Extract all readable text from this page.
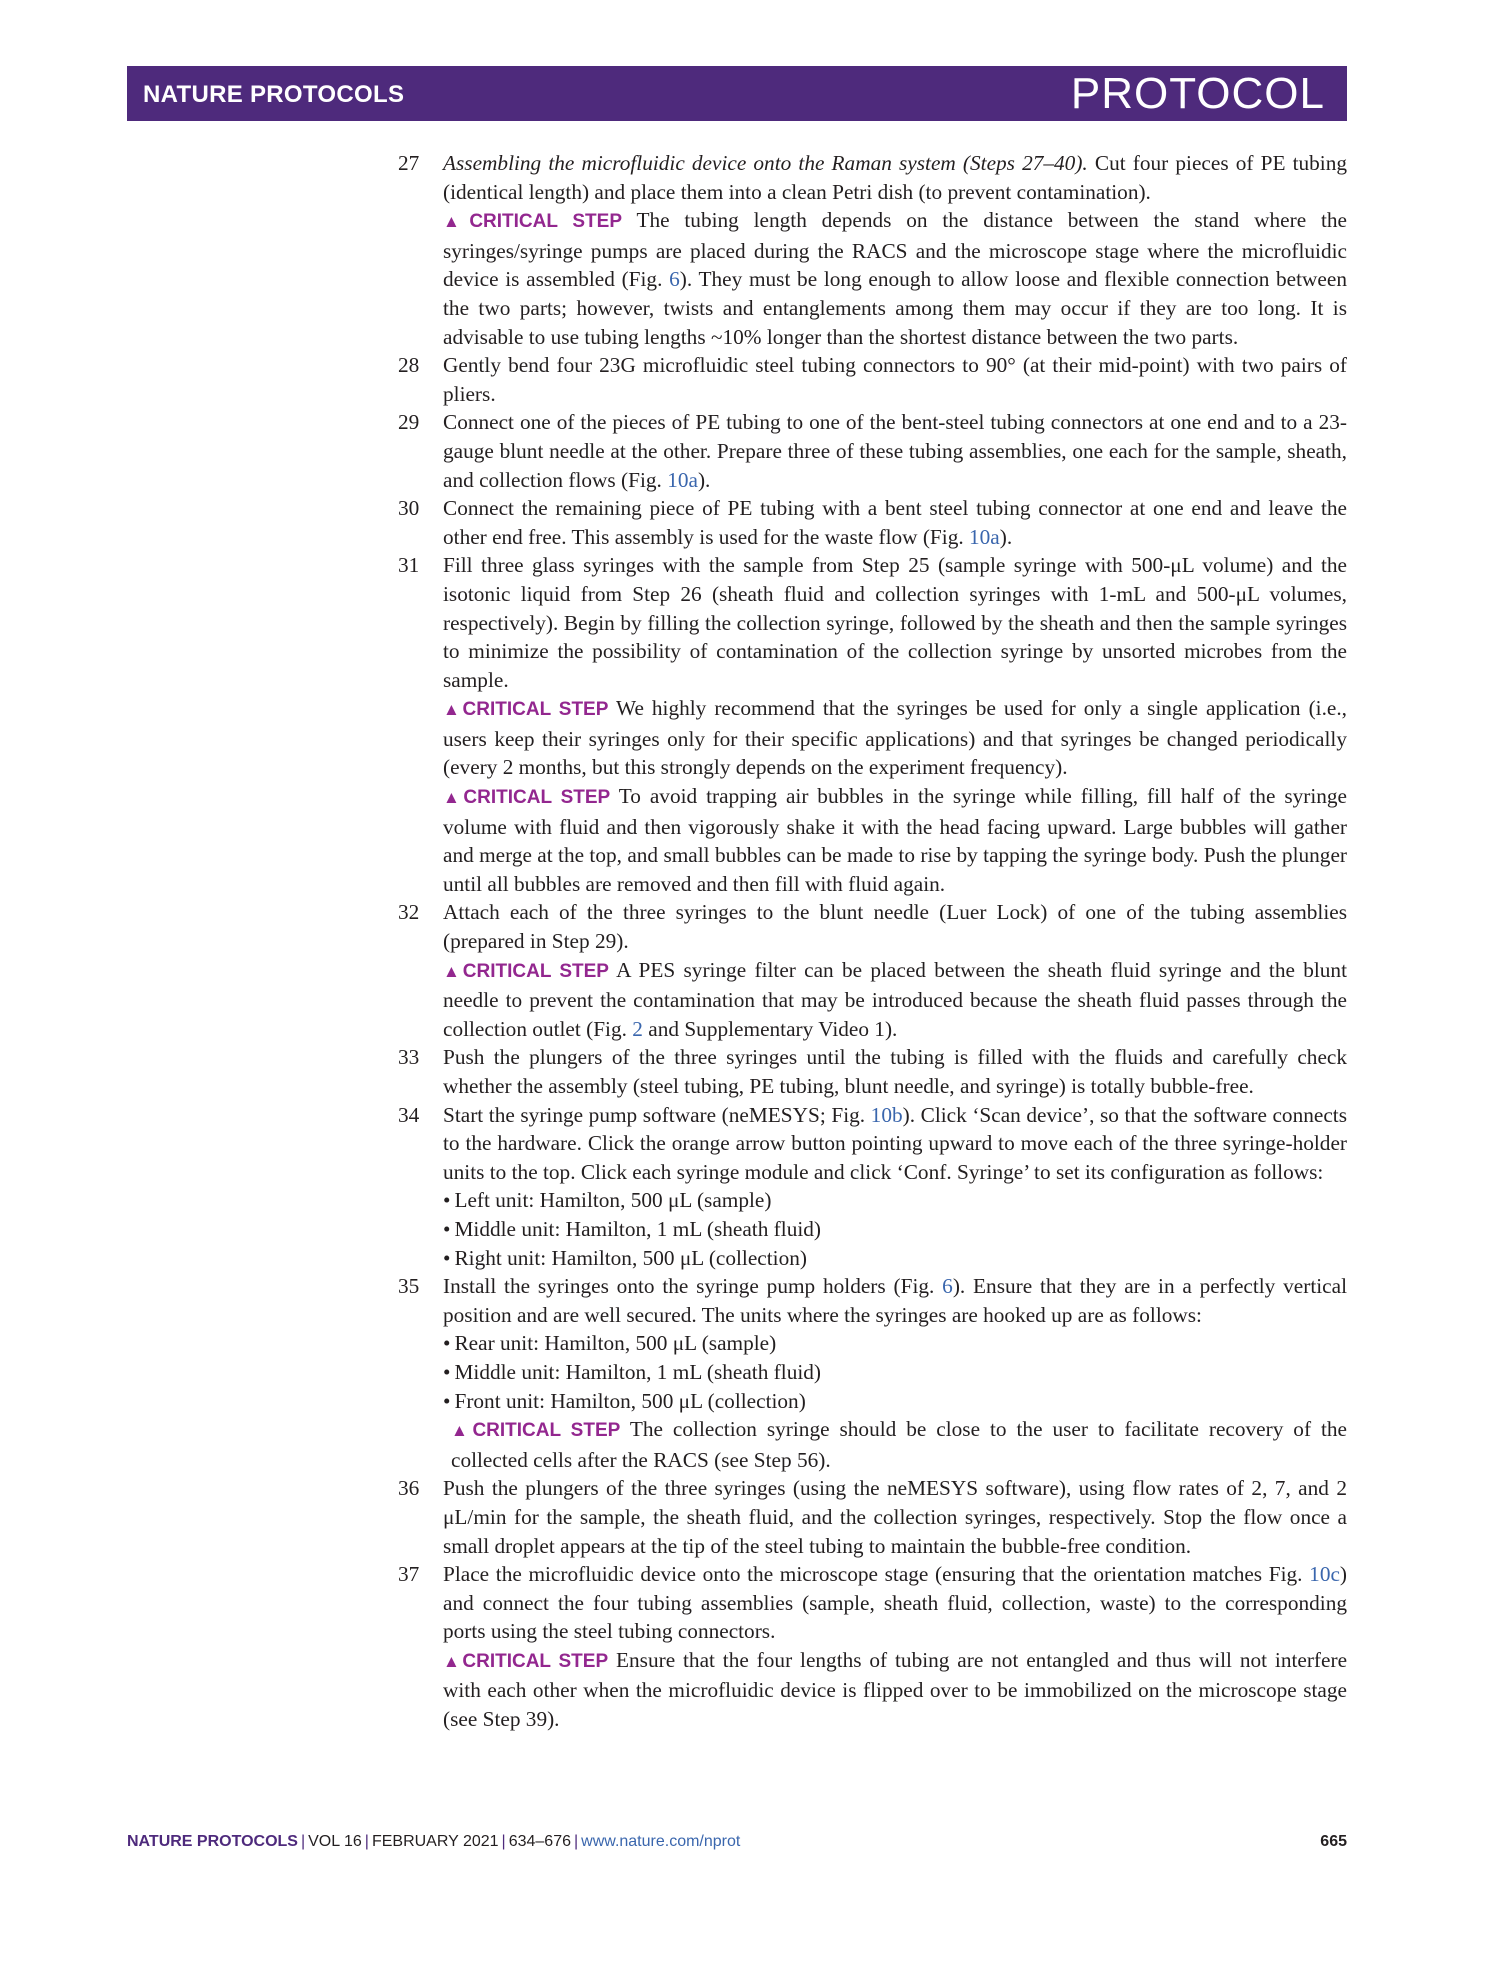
NATURE PROTOCOLS	PROTOCOL
27 Assembling the microfluidic device onto the Raman system (Steps 27–40). Cut four pieces of PE tubing (identical length) and place them into a clean Petri dish (to prevent contamination).
▲CRITICAL STEP The tubing length depends on the distance between the stand where the syringes/syringe pumps are placed during the RACS and the microscope stage where the microfluidic device is assembled (Fig. 6). They must be long enough to allow loose and flexible connection between the two parts; however, twists and entanglements among them may occur if they are too long. It is advisable to use tubing lengths ~10% longer than the shortest distance between the two parts.
28 Gently bend four 23G microfluidic steel tubing connectors to 90° (at their mid-point) with two pairs of pliers.
29 Connect one of the pieces of PE tubing to one of the bent-steel tubing connectors at one end and to a 23-gauge blunt needle at the other. Prepare three of these tubing assemblies, one each for the sample, sheath, and collection flows (Fig. 10a).
30 Connect the remaining piece of PE tubing with a bent steel tubing connector at one end and leave the other end free. This assembly is used for the waste flow (Fig. 10a).
31 Fill three glass syringes with the sample from Step 25 (sample syringe with 500-μL volume) and the isotonic liquid from Step 26 (sheath fluid and collection syringes with 1-mL and 500-μL volumes, respectively). Begin by filling the collection syringe, followed by the sheath and then the sample syringes to minimize the possibility of contamination of the collection syringe by unsorted microbes from the sample.
▲CRITICAL STEP We highly recommend that the syringes be used for only a single application (i.e., users keep their syringes only for their specific applications) and that syringes be changed periodically (every 2 months, but this strongly depends on the experiment frequency).
▲CRITICAL STEP To avoid trapping air bubbles in the syringe while filling, fill half of the syringe volume with fluid and then vigorously shake it with the head facing upward. Large bubbles will gather and merge at the top, and small bubbles can be made to rise by tapping the syringe body. Push the plunger until all bubbles are removed and then fill with fluid again.
32 Attach each of the three syringes to the blunt needle (Luer Lock) of one of the tubing assemblies (prepared in Step 29).
▲CRITICAL STEP A PES syringe filter can be placed between the sheath fluid syringe and the blunt needle to prevent the contamination that may be introduced because the sheath fluid passes through the collection outlet (Fig. 2 and Supplementary Video 1).
33 Push the plungers of the three syringes until the tubing is filled with the fluids and carefully check whether the assembly (steel tubing, PE tubing, blunt needle, and syringe) is totally bubble-free.
34 Start the syringe pump software (neMESYS; Fig. 10b). Click ‘Scan device’, so that the software connects to the hardware. Click the orange arrow button pointing upward to move each of the three syringe-holder units to the top. Click each syringe module and click ‘Conf. Syringe’ to set its configuration as follows:
• Left unit: Hamilton, 500 μL (sample)
• Middle unit: Hamilton, 1 mL (sheath fluid)
• Right unit: Hamilton, 500 μL (collection)
35 Install the syringes onto the syringe pump holders (Fig. 6). Ensure that they are in a perfectly vertical position and are well secured. The units where the syringes are hooked up are as follows:
• Rear unit: Hamilton, 500 μL (sample)
• Middle unit: Hamilton, 1 mL (sheath fluid)
• Front unit: Hamilton, 500 μL (collection)
▲CRITICAL STEP The collection syringe should be close to the user to facilitate recovery of the collected cells after the RACS (see Step 56).
36 Push the plungers of the three syringes (using the neMESYS software), using flow rates of 2, 7, and 2 μL/min for the sample, the sheath fluid, and the collection syringes, respectively. Stop the flow once a small droplet appears at the tip of the steel tubing to maintain the bubble-free condition.
37 Place the microfluidic device onto the microscope stage (ensuring that the orientation matches Fig. 10c) and connect the four tubing assemblies (sample, sheath fluid, collection, waste) to the corresponding ports using the steel tubing connectors.
▲CRITICAL STEP Ensure that the four lengths of tubing are not entangled and thus will not interfere with each other when the microfluidic device is flipped over to be immobilized on the microscope stage (see Step 39).
NATURE PROTOCOLS | VOL 16 | FEBRUARY 2021 | 634–676 | www.nature.com/nprot	665
